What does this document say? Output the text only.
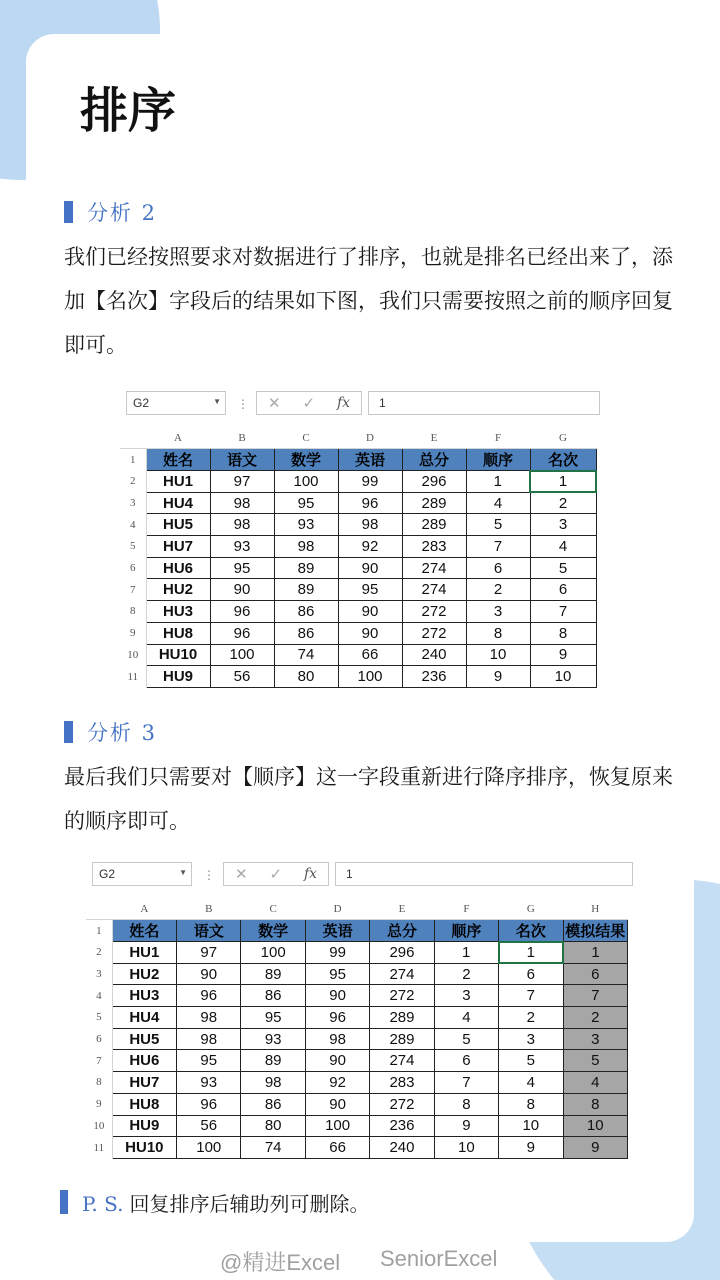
排序
分析 2
我们已经按照要求对数据进行了排序，也就是排名已经出来了，添加【名次】字段后的结果如下图，我们只需要按照之前的顺序回复即可。
G2	▼ ⋮ ✕ ✓ fx	1
	A	B	C	D	E	F	G
1	姓名	语文	数学	英语	总分	顺序	名次
2	HU1	97	100	99	296	1	1
3	HU4	98	95	96	289	4	2
4	HU5	98	93	98	289	5	3
5	HU7	93	98	92	283	7	4
6	HU6	95	89	90	274	6	5
7	HU2	90	89	95	274	2	6
8	HU3	96	86	90	272	3	7
9	HU8	96	86	90	272	8	8
10	HU10	100	74	66	240	10	9
11	HU9	56	80	100	236	9	10
分析 3
最后我们只需要对【顺序】这一字段重新进行降序排序，恢复原来的顺序即可。
G2	▼ ⋮ ✕ ✓ fx	1
	A	B	C	D	E	F	G	H
1	姓名	语文	数学	英语	总分	顺序	名次	模拟结果
2	HU1	97	100	99	296	1	1	1
3	HU2	90	89	95	274	2	6	6
4	HU3	96	86	90	272	3	7	7
5	HU4	98	95	96	289	4	2	2
6	HU5	98	93	98	289	5	3	3
7	HU6	95	89	90	274	6	5	5
8	HU7	93	98	92	283	7	4	4
9	HU8	96	86	90	272	8	8	8
10	HU9	56	80	100	236	9	10	10
11	HU10	100	74	66	240	10	9	9
P. S. 回复排序后辅助列可删除。
@精进Excel SeniorExcel
